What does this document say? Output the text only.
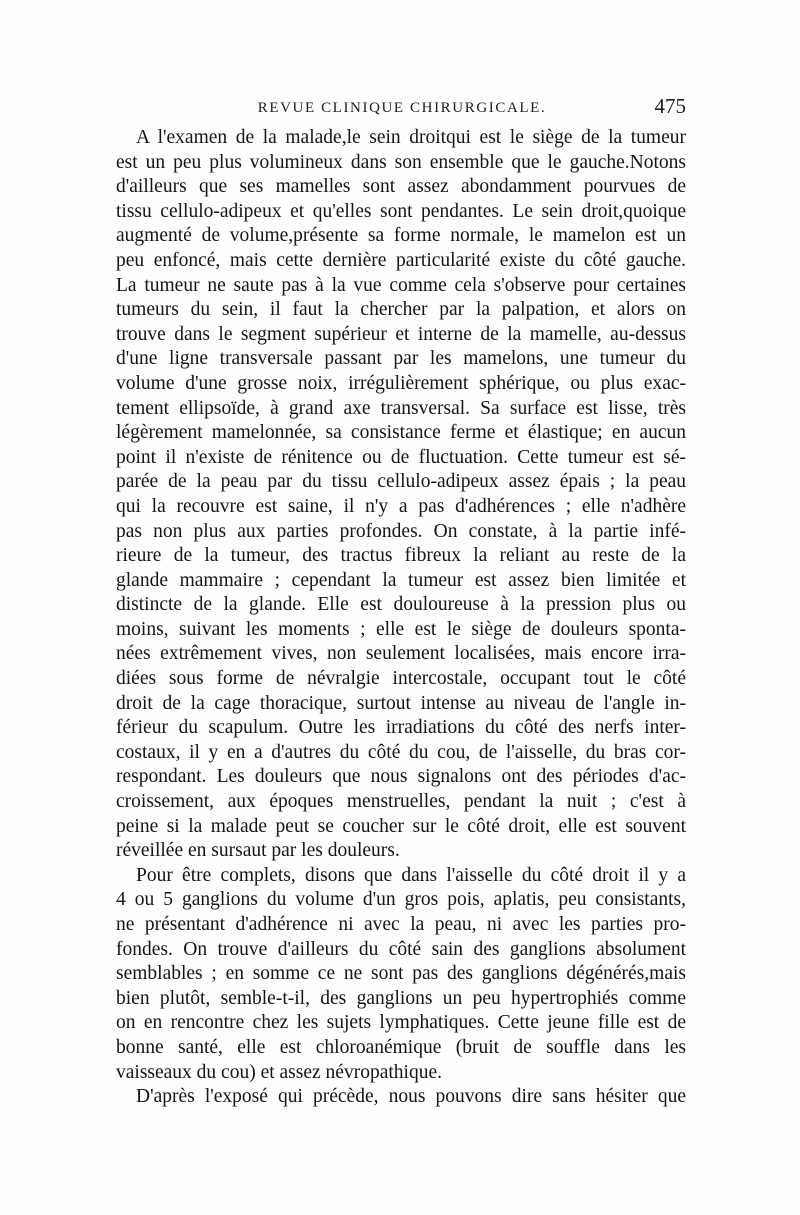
REVUE CLINIQUE CHIRURGICALE.	475
A l'examen de la malade,le sein droitqui est le siège de la tumeur
est un peu plus volumineux dans son ensemble que le gauche.Notons
d'ailleurs que ses mamelles sont assez abondamment pourvues de
tissu cellulo-adipeux et qu'elles sont pendantes. Le sein droit,quoique
augmenté de volume,présente sa forme normale, le mamelon est un
peu enfoncé, mais cette dernière particularité existe du côté gauche.
La tumeur ne saute pas à la vue comme cela s'observe pour certaines
tumeurs du sein, il faut la chercher par la palpation, et alors on
trouve dans le segment supérieur et interne de la mamelle, au-dessus
d'une ligne transversale passant par les mamelons, une tumeur du
volume d'une grosse noix, irrégulièrement sphérique, ou plus exac-
tement ellipsoïde, à grand axe transversal. Sa surface est lisse, très
légèrement mamelonnée, sa consistance ferme et élastique; en aucun
point il n'existe de rénitence ou de fluctuation. Cette tumeur est sé-
parée de la peau par du tissu cellulo-adipeux assez épais ; la peau
qui la recouvre est saine, il n'y a pas d'adhérences ; elle n'adhère
pas non plus aux parties profondes. On constate, à la partie infé-
rieure de la tumeur, des tractus fibreux la reliant au reste de la
glande mammaire ; cependant la tumeur est assez bien limitée et
distincte de la glande. Elle est douloureuse à la pression plus ou
moins, suivant les moments ; elle est le siège de douleurs sponta-
nées extrêmement vives, non seulement localisées, mais encore irra-
diées sous forme de névralgie intercostale, occupant tout le côté
droit de la cage thoracique, surtout intense au niveau de l'angle in-
férieur du scapulum. Outre les irradiations du côté des nerfs inter-
costaux, il y en a d'autres du côté du cou, de l'aisselle, du bras cor-
respondant. Les douleurs que nous signalons ont des périodes d'ac-
croissement, aux époques menstruelles, pendant la nuit ; c'est à
peine si la malade peut se coucher sur le côté droit, elle est souvent
réveillée en sursaut par les douleurs.
Pour être complets, disons que dans l'aisselle du côté droit il y a
4 ou 5 ganglions du volume d'un gros pois, aplatis, peu consistants,
ne présentant d'adhérence ni avec la peau, ni avec les parties pro-
fondes. On trouve d'ailleurs du côté sain des ganglions absolument
semblables ; en somme ce ne sont pas des ganglions dégénérés,mais
bien plutôt, semble-t-il, des ganglions un peu hypertrophiés comme
on en rencontre chez les sujets lymphatiques. Cette jeune fille est de
bonne santé, elle est chloroanémique (bruit de souffle dans les
vaisseaux du cou) et assez névropathique.
D'après l'exposé qui précède, nous pouvons dire sans hésiter que
